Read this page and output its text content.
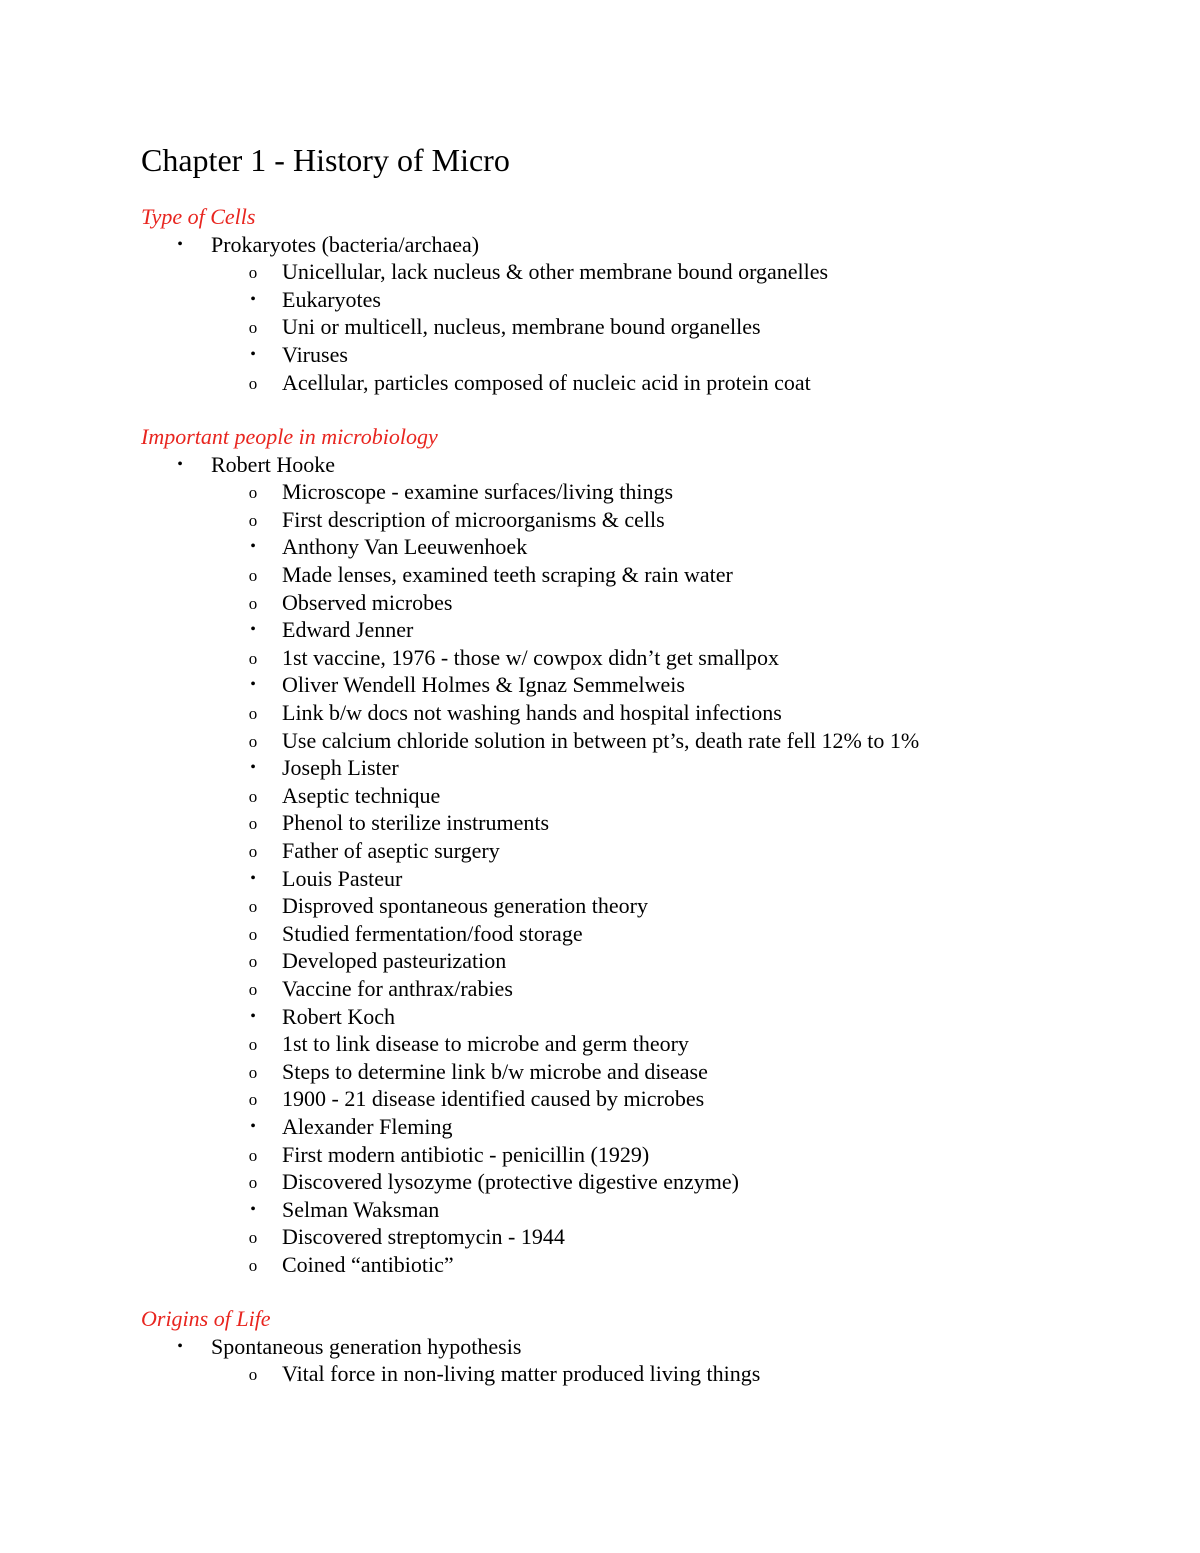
Chapter 1 - History of Micro
Type of Cells
•	Prokaryotes (bacteria/archaea)
o Unicellular, lack nucleus & other membrane bound organelles
•	Eukaryotes
o Uni or multicell, nucleus, membrane bound organelles
•	Viruses
o Acellular, particles composed of nucleic acid in protein coat
Important people in microbiology
•	Robert Hooke
o Microscope - examine surfaces/living things
o First description of microorganisms & cells
•	Anthony Van Leeuwenhoek
o Made lenses, examined teeth scraping & rain water
o Observed microbes
•	Edward Jenner
o 1st vaccine, 1976 - those w/ cowpox didn’t get smallpox
•	Oliver Wendell Holmes & Ignaz Semmelweis
o Link b/w docs not washing hands and hospital infections
o Use calcium chloride solution in between pt’s, death rate fell 12% to 1%
•	Joseph Lister
o Aseptic technique
o Phenol to sterilize instruments
o Father of aseptic surgery
•	Louis Pasteur
o Disproved spontaneous generation theory
o Studied fermentation/food storage
o Developed pasteurization
o Vaccine for anthrax/rabies
•	Robert Koch
o 1st to link disease to microbe and germ theory
o Steps to determine link b/w microbe and disease
o 1900 - 21 disease identified caused by microbes
•	Alexander Fleming
o First modern antibiotic - penicillin (1929)
o Discovered lysozyme (protective digestive enzyme)
•	Selman Waksman
o Discovered streptomycin - 1944
o Coined “antibiotic”
Origins of Life
•	Spontaneous generation hypothesis
o Vital force in non-living matter produced living things
